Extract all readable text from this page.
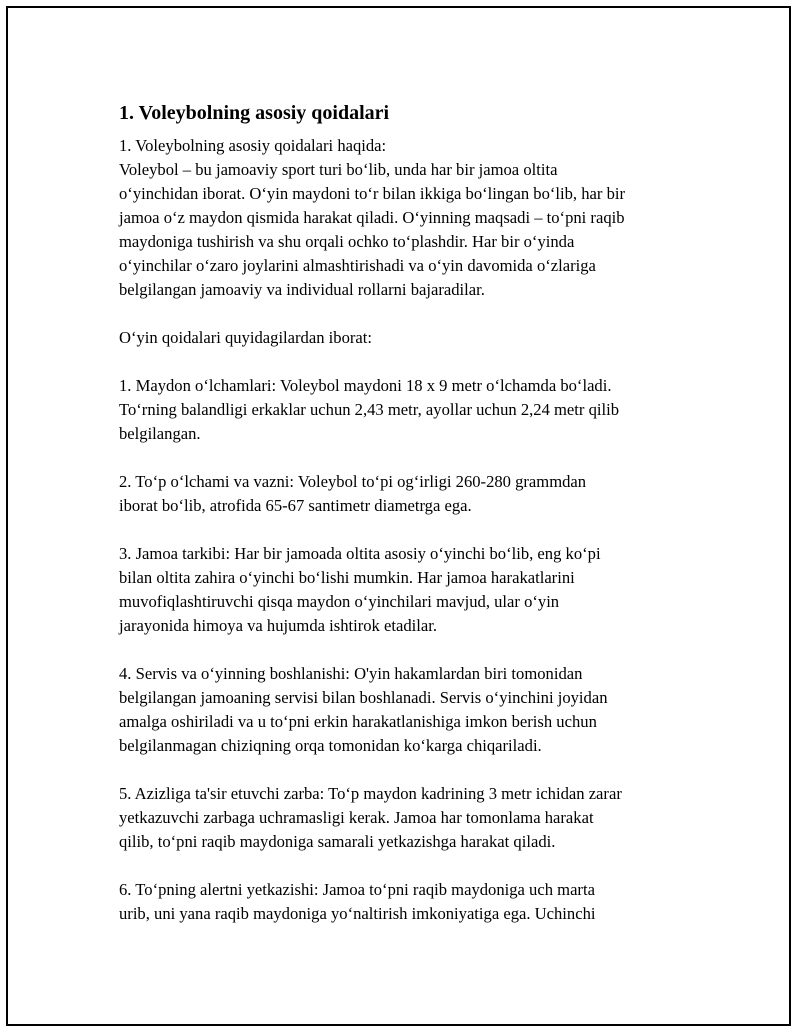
1. Voleybolning asosiy qoidalari

1. Voleybolning asosiy qoidalari haqida:
Voleybol – bu jamoaviy sport turi bo‘lib, unda har bir jamoa oltita
o‘yinchidan iborat. O‘yin maydoni to‘r bilan ikkiga bo‘lingan bo‘lib, har bir
jamoa o‘z maydon qismida harakat qiladi. O‘yinning maqsadi – to‘pni raqib
maydoniga tushirish va shu orqali ochko to‘plashdir. Har bir o‘yinda
o‘yinchilar o‘zaro joylarini almashtirishadi va o‘yin davomida o‘zlariga
belgilangan jamoaviy va individual rollarni bajaradilar.

O‘yin qoidalari quyidagilardan iborat:

1. Maydon o‘lchamlari: Voleybol maydoni 18 x 9 metr o‘lchamda bo‘ladi.
To‘rning balandligi erkaklar uchun 2,43 metr, ayollar uchun 2,24 metr qilib
belgilangan.

2. To‘p o‘lchami va vazni: Voleybol to‘pi og‘irligi 260-280 grammdan
iborat bo‘lib, atrofida 65-67 santimetr diametrga ega.

3. Jamoa tarkibi: Har bir jamoada oltita asosiy o‘yinchi bo‘lib, eng ko‘pi
bilan oltita zahira o‘yinchi bo‘lishi mumkin. Har jamoa harakatlarini
muvofiqlashtiruvchi qisqa maydon o‘yinchilari mavjud, ular o‘yin
jarayonida himoya va hujumda ishtirok etadilar.

4. Servis va o‘yinning boshlanishi: O'yin hakamlardan biri tomonidan
belgilangan jamoaning servisi bilan boshlanadi. Servis o‘yinchini joyidan
amalga oshiriladi va u to‘pni erkin harakatlanishiga imkon berish uchun
belgilanmagan chiziqning orqa tomonidan ko‘karga chiqariladi.

5. Azizliga ta'sir etuvchi zarba: To‘p maydon kadrining 3 metr ichidan zarar
yetkazuvchi zarbaga uchramasligi kerak. Jamoa har tomonlama harakat
qilib, to‘pni raqib maydoniga samarali yetkazishga harakat qiladi.

6. To‘pning alertni yetkazishi: Jamoa to‘pni raqib maydoniga uch marta
urib, uni yana raqib maydoniga yo‘naltirish imkoniyatiga ega. Uchinchi
